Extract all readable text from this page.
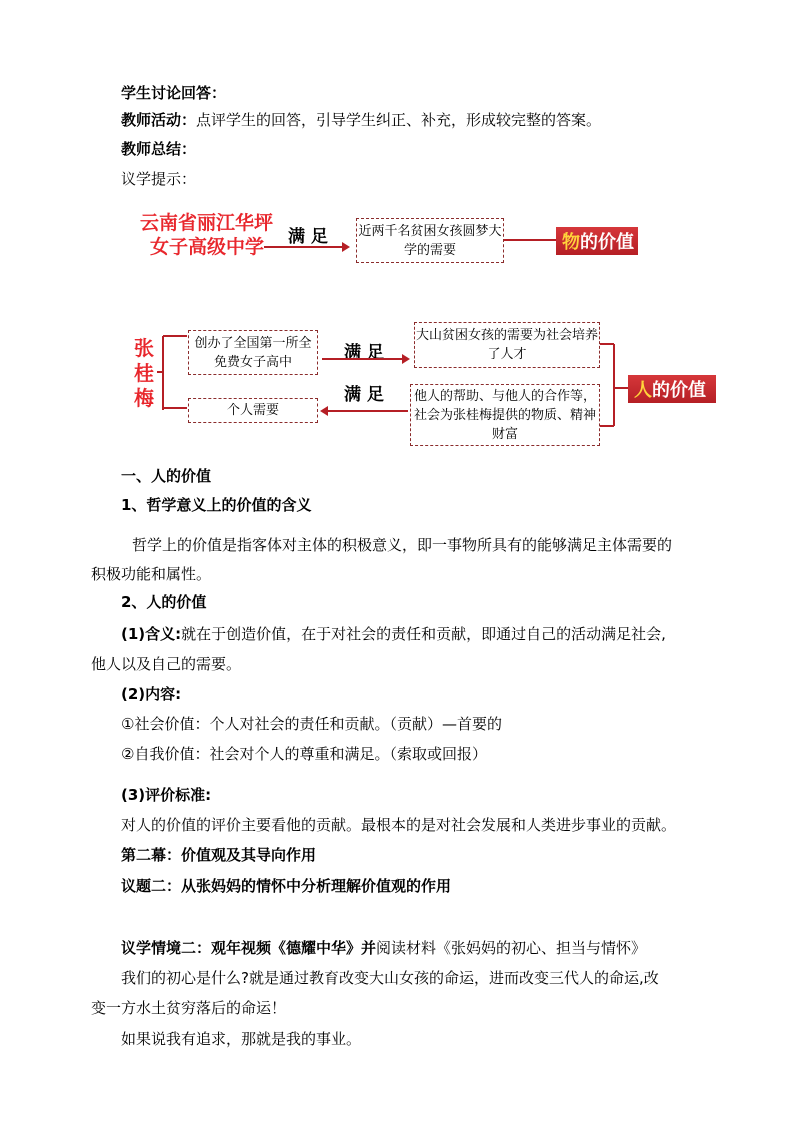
学生讨论回答：
教师活动：点评学生的回答，引导学生纠正、补充，形成较完整的答案。
教师总结：
议学提示：
云南省丽江华坪
女子高级中学 满 足 近两千名贫困女孩圆梦大学的需要	物 的价值
张
桂
梅
创办了全国第一所全免费女子高中
个人需要
满 足
满 足
大山贫困女孩的需要为社会培养了人才
他人的帮助、与他人的合作等，社会为张桂梅提供的物质、精神财富
人 的价值
一、人的价值
1、哲学意义上的价值的含义
哲学上的价值是指客体对主体的积极意义，即一事物所具有的能够满足主体需要的
积极功能和属性。
2、人的价值
(1)含义:就在于创造价值，在于对社会的责任和贡献，即通过自己的活动满足社会,
他人以及自己的需要。
(2)内容:
①社会价值：个人对社会的责任和贡献。（贡献）—首要的
②自我价值：社会对个人的尊重和满足。（索取或回报）
(3)评价标准:
对人的价值的评价主要看他的贡献。最根本的是对社会发展和人类进步事业的贡献。
第二幕：价值观及其导向作用
议题二：从张妈妈的情怀中分析理解价值观的作用
议学情境二：观年视频《德耀中华》并阅读材料《张妈妈的初心、担当与情怀》
我们的初心是什么?就是通过教育改变大山女孩的命运，进而改变三代人的命运,改
变一方水土贫穷落后的命运！
如果说我有追求，那就是我的事业。
